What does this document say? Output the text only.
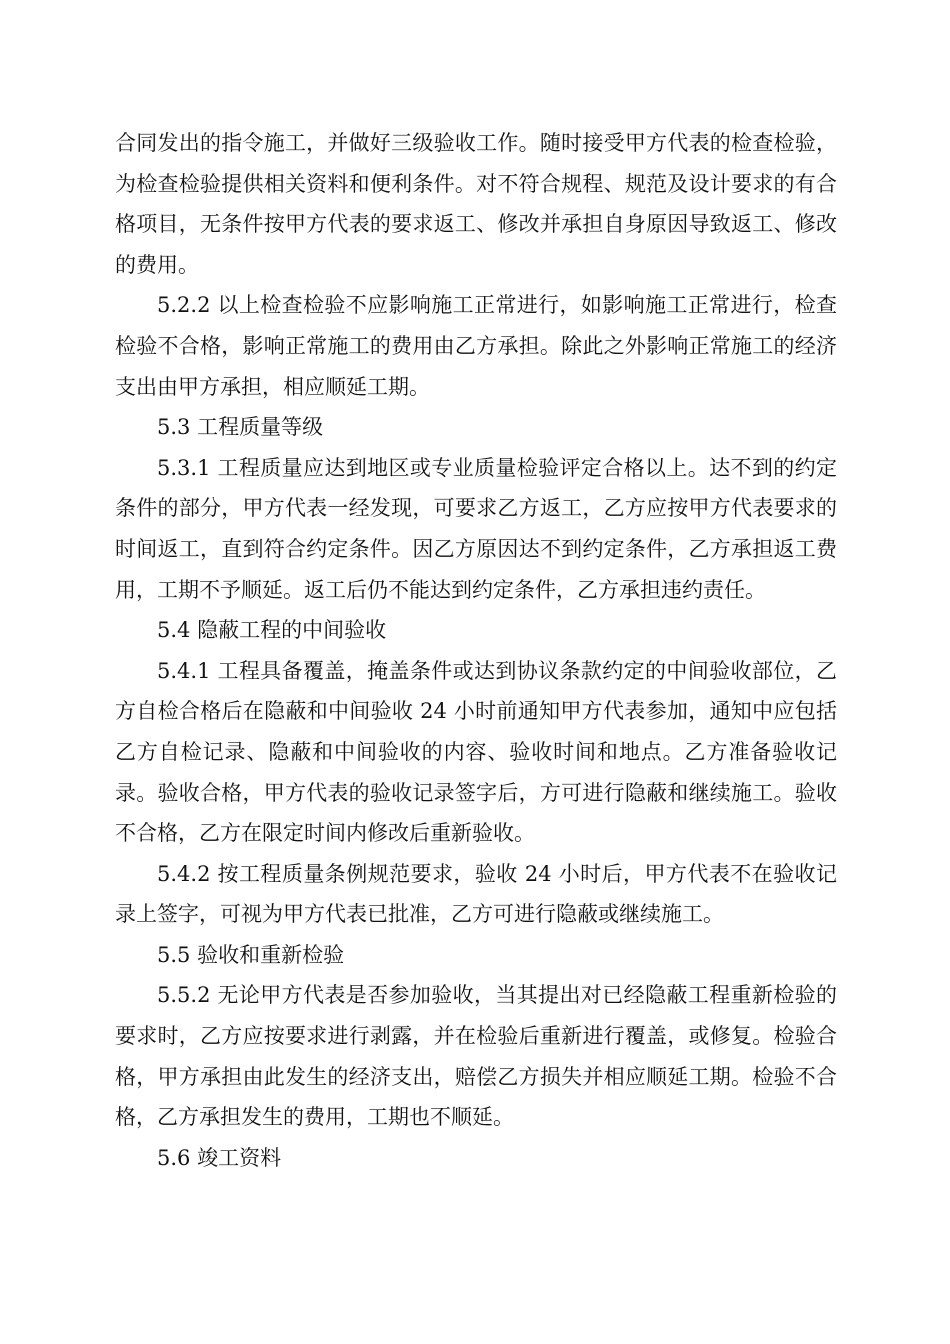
合同发出的指令施工，并做好三级验收工作。随时接受甲方代表的检查检验，为检查检验提供相关资料和便利条件。对不符合规程、规范及设计要求的有合格项目，无条件按甲方代表的要求返工、修改并承担自身原因导致返工、修改的费用。

5.2.2 以上检查检验不应影响施工正常进行，如影响施工正常进行，检查检验不合格，影响正常施工的费用由乙方承担。除此之外影响正常施工的经济支出由甲方承担，相应顺延工期。

5.3 工程质量等级

5.3.1 工程质量应达到地区或专业质量检验评定合格以上。达不到的约定条件的部分，甲方代表一经发现，可要求乙方返工，乙方应按甲方代表要求的时间返工，直到符合约定条件。因乙方原因达不到约定条件，乙方承担返工费用，工期不予顺延。返工后仍不能达到约定条件，乙方承担违约责任。

5.4 隐蔽工程的中间验收

5.4.1 工程具备覆盖，掩盖条件或达到协议条款约定的中间验收部位，乙方自检合格后在隐蔽和中间验收 24 小时前通知甲方代表参加，通知中应包括乙方自检记录、隐蔽和中间验收的内容、验收时间和地点。乙方准备验收记录。验收合格，甲方代表的验收记录签字后，方可进行隐蔽和继续施工。验收不合格，乙方在限定时间内修改后重新验收。

5.4.2 按工程质量条例规范要求，验收 24 小时后，甲方代表不在验收记录上签字，可视为甲方代表已批准，乙方可进行隐蔽或继续施工。

5.5 验收和重新检验

5.5.2 无论甲方代表是否参加验收，当其提出对已经隐蔽工程重新检验的要求时，乙方应按要求进行剥露，并在检验后重新进行覆盖，或修复。检验合格，甲方承担由此发生的经济支出，赔偿乙方损失并相应顺延工期。检验不合格，乙方承担发生的费用，工期也不顺延。

5.6 竣工资料
